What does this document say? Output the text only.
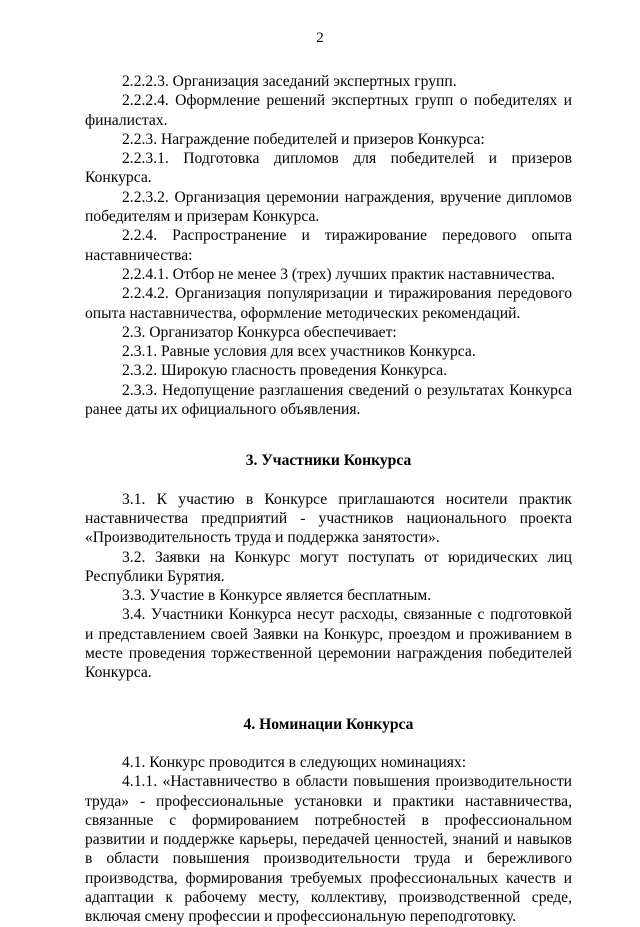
2

2.2.2.3. Организация заседаний экспертных групп.

2.2.2.4. Оформление решений экспертных групп о победителях и финалистах.

2.2.3. Награждение победителей и призеров Конкурса:

2.2.3.1. Подготовка дипломов для победителей и призеров Конкурса.

2.2.3.2. Организация церемонии награждения, вручение дипломов победителям и призерам Конкурса.

2.2.4. Распространение и тиражирование передового опыта наставничества:

2.2.4.1. Отбор не менее 3 (трех) лучших практик наставничества.

2.2.4.2. Организация популяризации и тиражирования передового опыта наставничества, оформление методических рекомендаций.

2.3. Организатор Конкурса обеспечивает:

2.3.1. Равные условия для всех участников Конкурса.

2.3.2. Широкую гласность проведения Конкурса.

2.3.3. Недопущение разглашения сведений о результатах Конкурса ранее даты их официального объявления.

3. Участники Конкурса

3.1. К участию в Конкурсе приглашаются носители практик наставничества предприятий - участников национального проекта «Производительность труда и поддержка занятости».

3.2. Заявки на Конкурс могут поступать от юридических лиц Республики Бурятия.

3.3. Участие в Конкурсе является бесплатным.

3.4. Участники Конкурса несут расходы, связанные с подготовкой и представлением своей Заявки на Конкурс, проездом и проживанием в месте проведения торжественной церемонии награждения победителей Конкурса.

4. Номинации Конкурса

4.1. Конкурс проводится в следующих номинациях:

4.1.1. «Наставничество в области повышения производительности труда» - профессиональные установки и практики наставничества, связанные с формированием потребностей в профессиональном развитии и поддержке карьеры, передачей ценностей, знаний и навыков в области повышения производительности труда и бережливого производства, формирования требуемых профессиональных качеств и адаптации к рабочему месту, коллективу, производственной среде, включая смену профессии и профессиональную переподготовку.
